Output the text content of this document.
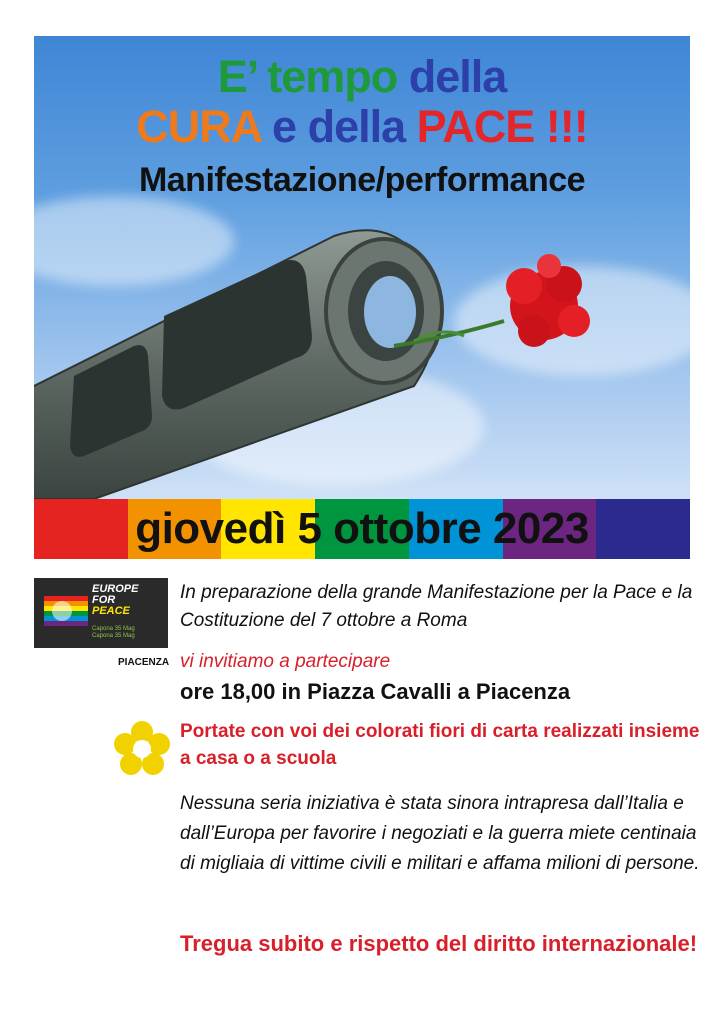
E’ tempo della
CURA e della PACE !!!
Manifestazione/performance
giovedì 5 ottobre 2023
EUROPE
FOR
PEACE
Capona 35 Mag
Capona 35 Mag
PIACENZA
In preparazione della grande Manifestazione per la Pace e la Costituzione del 7 ottobre a Roma
vi invitiamo a partecipare
ore 18,00 in Piazza Cavalli a Piacenza
Portate con voi dei colorati fiori di carta realizzati insieme a casa o a scuola
Nessuna seria iniziativa è stata sinora intrapresa dall’Italia e dall’Europa per favorire i negoziati e la guerra miete centinaia di migliaia di vittime civili e militari e affama milioni di persone.
Tregua subito e rispetto del diritto internazionale!
